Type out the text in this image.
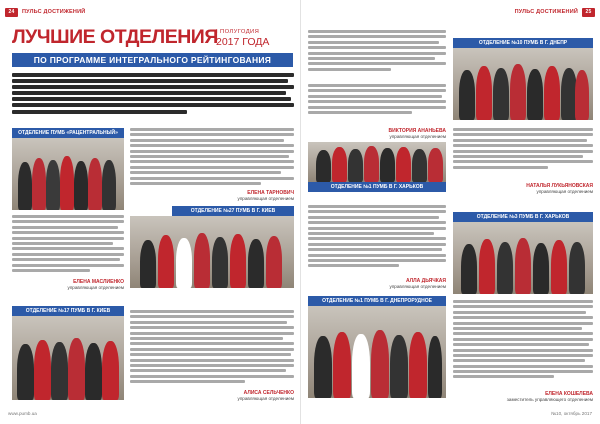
24	ПУЛЬС ДОСТИЖЕНИЙ
ЛУЧШИЕ ОТДЕЛЕНИЯ
I ПОЛУГОДИЯ
2017 ГОДА
ПО ПРОГРАММЕ ИНТЕГРАЛЬНОГО РЕЙТИНГОВАНИЯ
ОТДЕЛЕНИЕ ПУМБ «РАЦЕНТРАЛЬНЫЙ»
ЕЛЕНА МАСЛИЕНКО
управляющая отделением
ЕЛЕНА ТАРНОВИЧ
управляющая отделением
ОТДЕЛЕНИЕ №27 ПУМБ В Г. КИЕВ
ОТДЕЛЕНИЕ №17 ПУМБ В Г. КИЕВ
АЛИСА СЕЛЬЧЕНКО
управляющая отделением
www.pumb.ua
ПУЛЬС ДОСТИЖЕНИЙ	25
ВИКТОРИЯ АНАНЬЕВА
управляющая отделением
ОТДЕЛЕНИЕ №1 ПУМБ В Г. ХАРЬКОВ
АЛЛА ДЬЯЧКАЯ
управляющая отделением
ОТДЕЛЕНИЕ №1 ПУМБ В Г. ДНЕПРОРУДНОЕ
ОТДЕЛЕНИЕ №10 ПУМБ В Г. ДНЕПР
НАТАЛЬЯ ЛУКЬЯНОВСКАЯ
управляющая отделением
ОТДЕЛЕНИЕ №3 ПУМБ В Г. ХАРЬКОВ
ЕЛЕНА КОШЕЛЕВА
заместитель управляющего отделением
№10, октябрь 2017
